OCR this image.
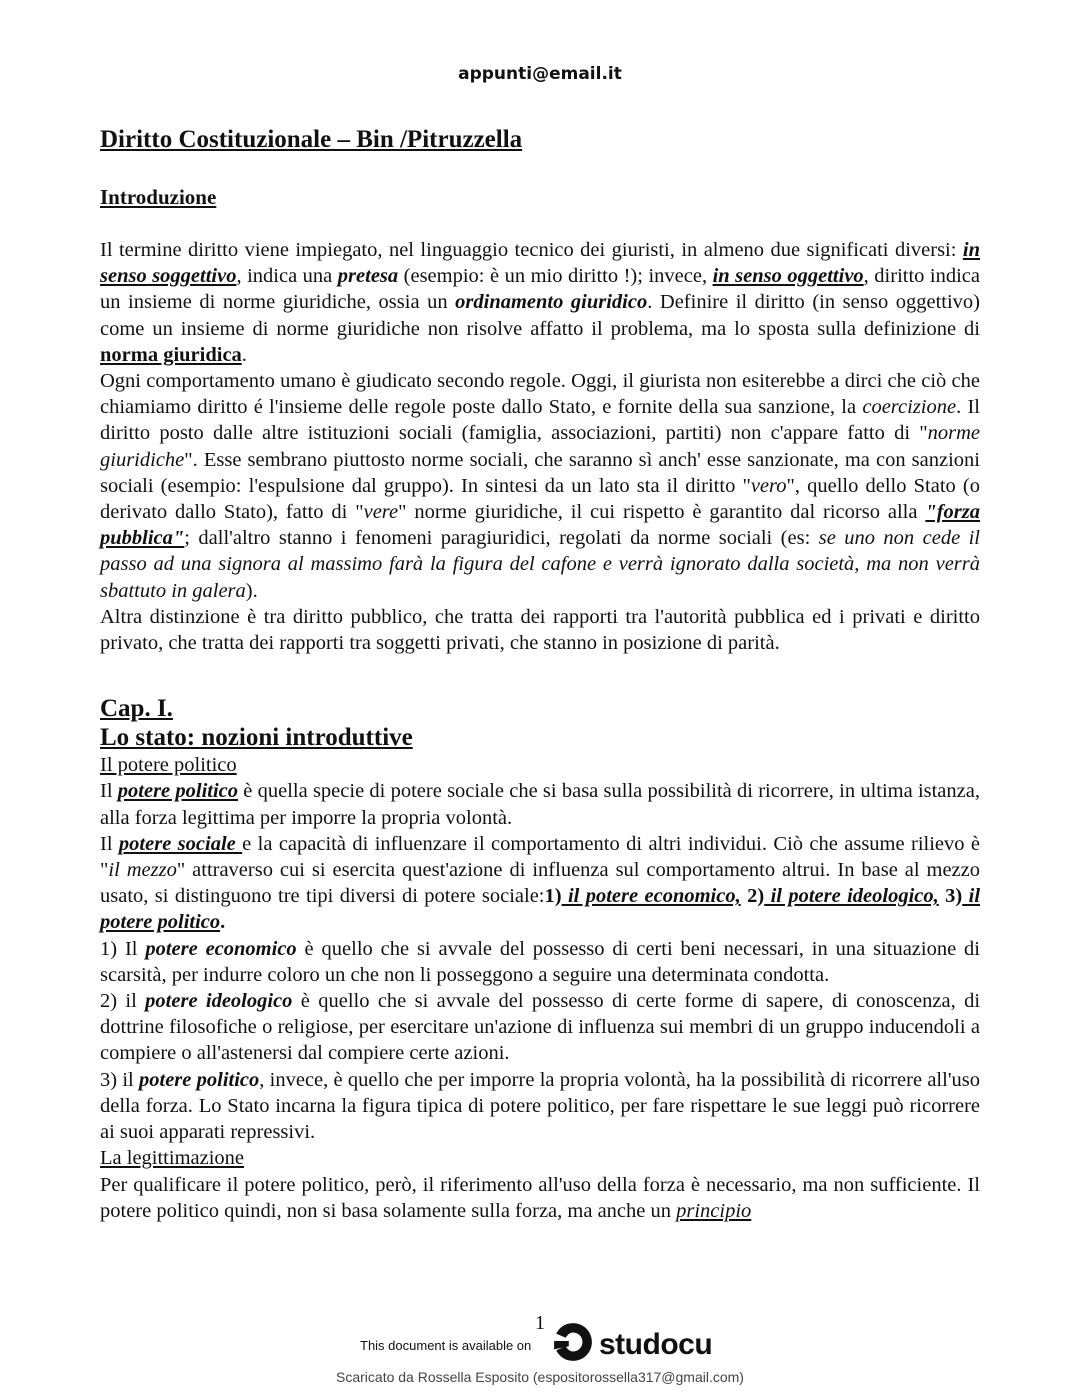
appunti@email.it
Diritto Costituzionale – Bin /Pitruzzella
Introduzione

Il termine diritto viene impiegato, nel linguaggio tecnico dei giuristi, in almeno due significati diversi: in senso soggettivo, indica una pretesa (esempio: è un mio diritto !); invece, in senso oggettivo, diritto indica un insieme di norme giuridiche, ossia un ordinamento giuridico. Definire il diritto (in senso oggettivo) come un insieme di norme giuridiche non risolve affatto il problema, ma lo sposta sulla definizione di norma giuridica.

Ogni comportamento umano è giudicato secondo regole. Oggi, il giurista non esiterebbe a dirci che ciò che chiamiamo diritto é l'insieme delle regole poste dallo Stato, e fornite della sua sanzione, la coercizione. Il diritto posto dalle altre istituzioni sociali (famiglia, associazioni, partiti) non c'appare fatto di "norme giuridiche". Esse sembrano piuttosto norme sociali, che saranno sì anch' esse sanzionate, ma con sanzioni sociali (esempio: l'espulsione dal gruppo). In sintesi da un lato sta il diritto "vero", quello dello Stato (o derivato dallo Stato), fatto di "vere" norme giuridiche, il cui rispetto è garantito dal ricorso alla "forza pubblica"; dall'altro stanno i fenomeni paragiuridici, regolati da norme sociali (es: se uno non cede il passo ad una signora al massimo farà la figura del cafone e verrà ignorato dalla società, ma non verrà sbattuto in galera).

Altra distinzione è tra diritto pubblico, che tratta dei rapporti tra l'autorità pubblica ed i privati e diritto privato, che tratta dei rapporti tra soggetti privati, che stanno in posizione di parità.

Cap. I.
Lo stato: nozioni introduttive
Il potere politico

Il potere politico è quella specie di potere sociale che si basa sulla possibilità di ricorrere, in ultima istanza, alla forza legittima per imporre la propria volontà.

Il potere sociale e la capacità di influenzare il comportamento di altri individui. Ciò che assume rilievo è "il mezzo" attraverso cui si esercita quest'azione di influenza sul comportamento altrui. In base al mezzo usato, si distinguono tre tipi diversi di potere sociale:1) il potere economico, 2) il potere ideologico, 3) il potere politico.

1) Il potere economico è quello che si avvale del possesso di certi beni necessari, in una situazione di scarsità, per indurre coloro un che non li posseggono a seguire una determinata condotta.

2) il potere ideologico è quello che si avvale del possesso di certe forme di sapere, di conoscenza, di dottrine filosofiche o religiose, per esercitare un'azione di influenza sui membri di un gruppo inducendoli a compiere o all'astenersi dal compiere certe azioni.

3) il potere politico, invece, è quello che per imporre la propria volontà, ha la possibilità di ricorrere all'uso della forza. Lo Stato incarna la figura tipica di potere politico, per fare rispettare le sue leggi può ricorrere ai suoi apparati repressivi.

La legittimazione

Per qualificare il potere politico, però, il riferimento all'uso della forza è necessario, ma non sufficiente. Il potere politico quindi, non si basa solamente sulla forza, ma anche un principio

1
This document is available on studocu
Scaricato da Rossella Esposito (espositorossella317@gmail.com)
